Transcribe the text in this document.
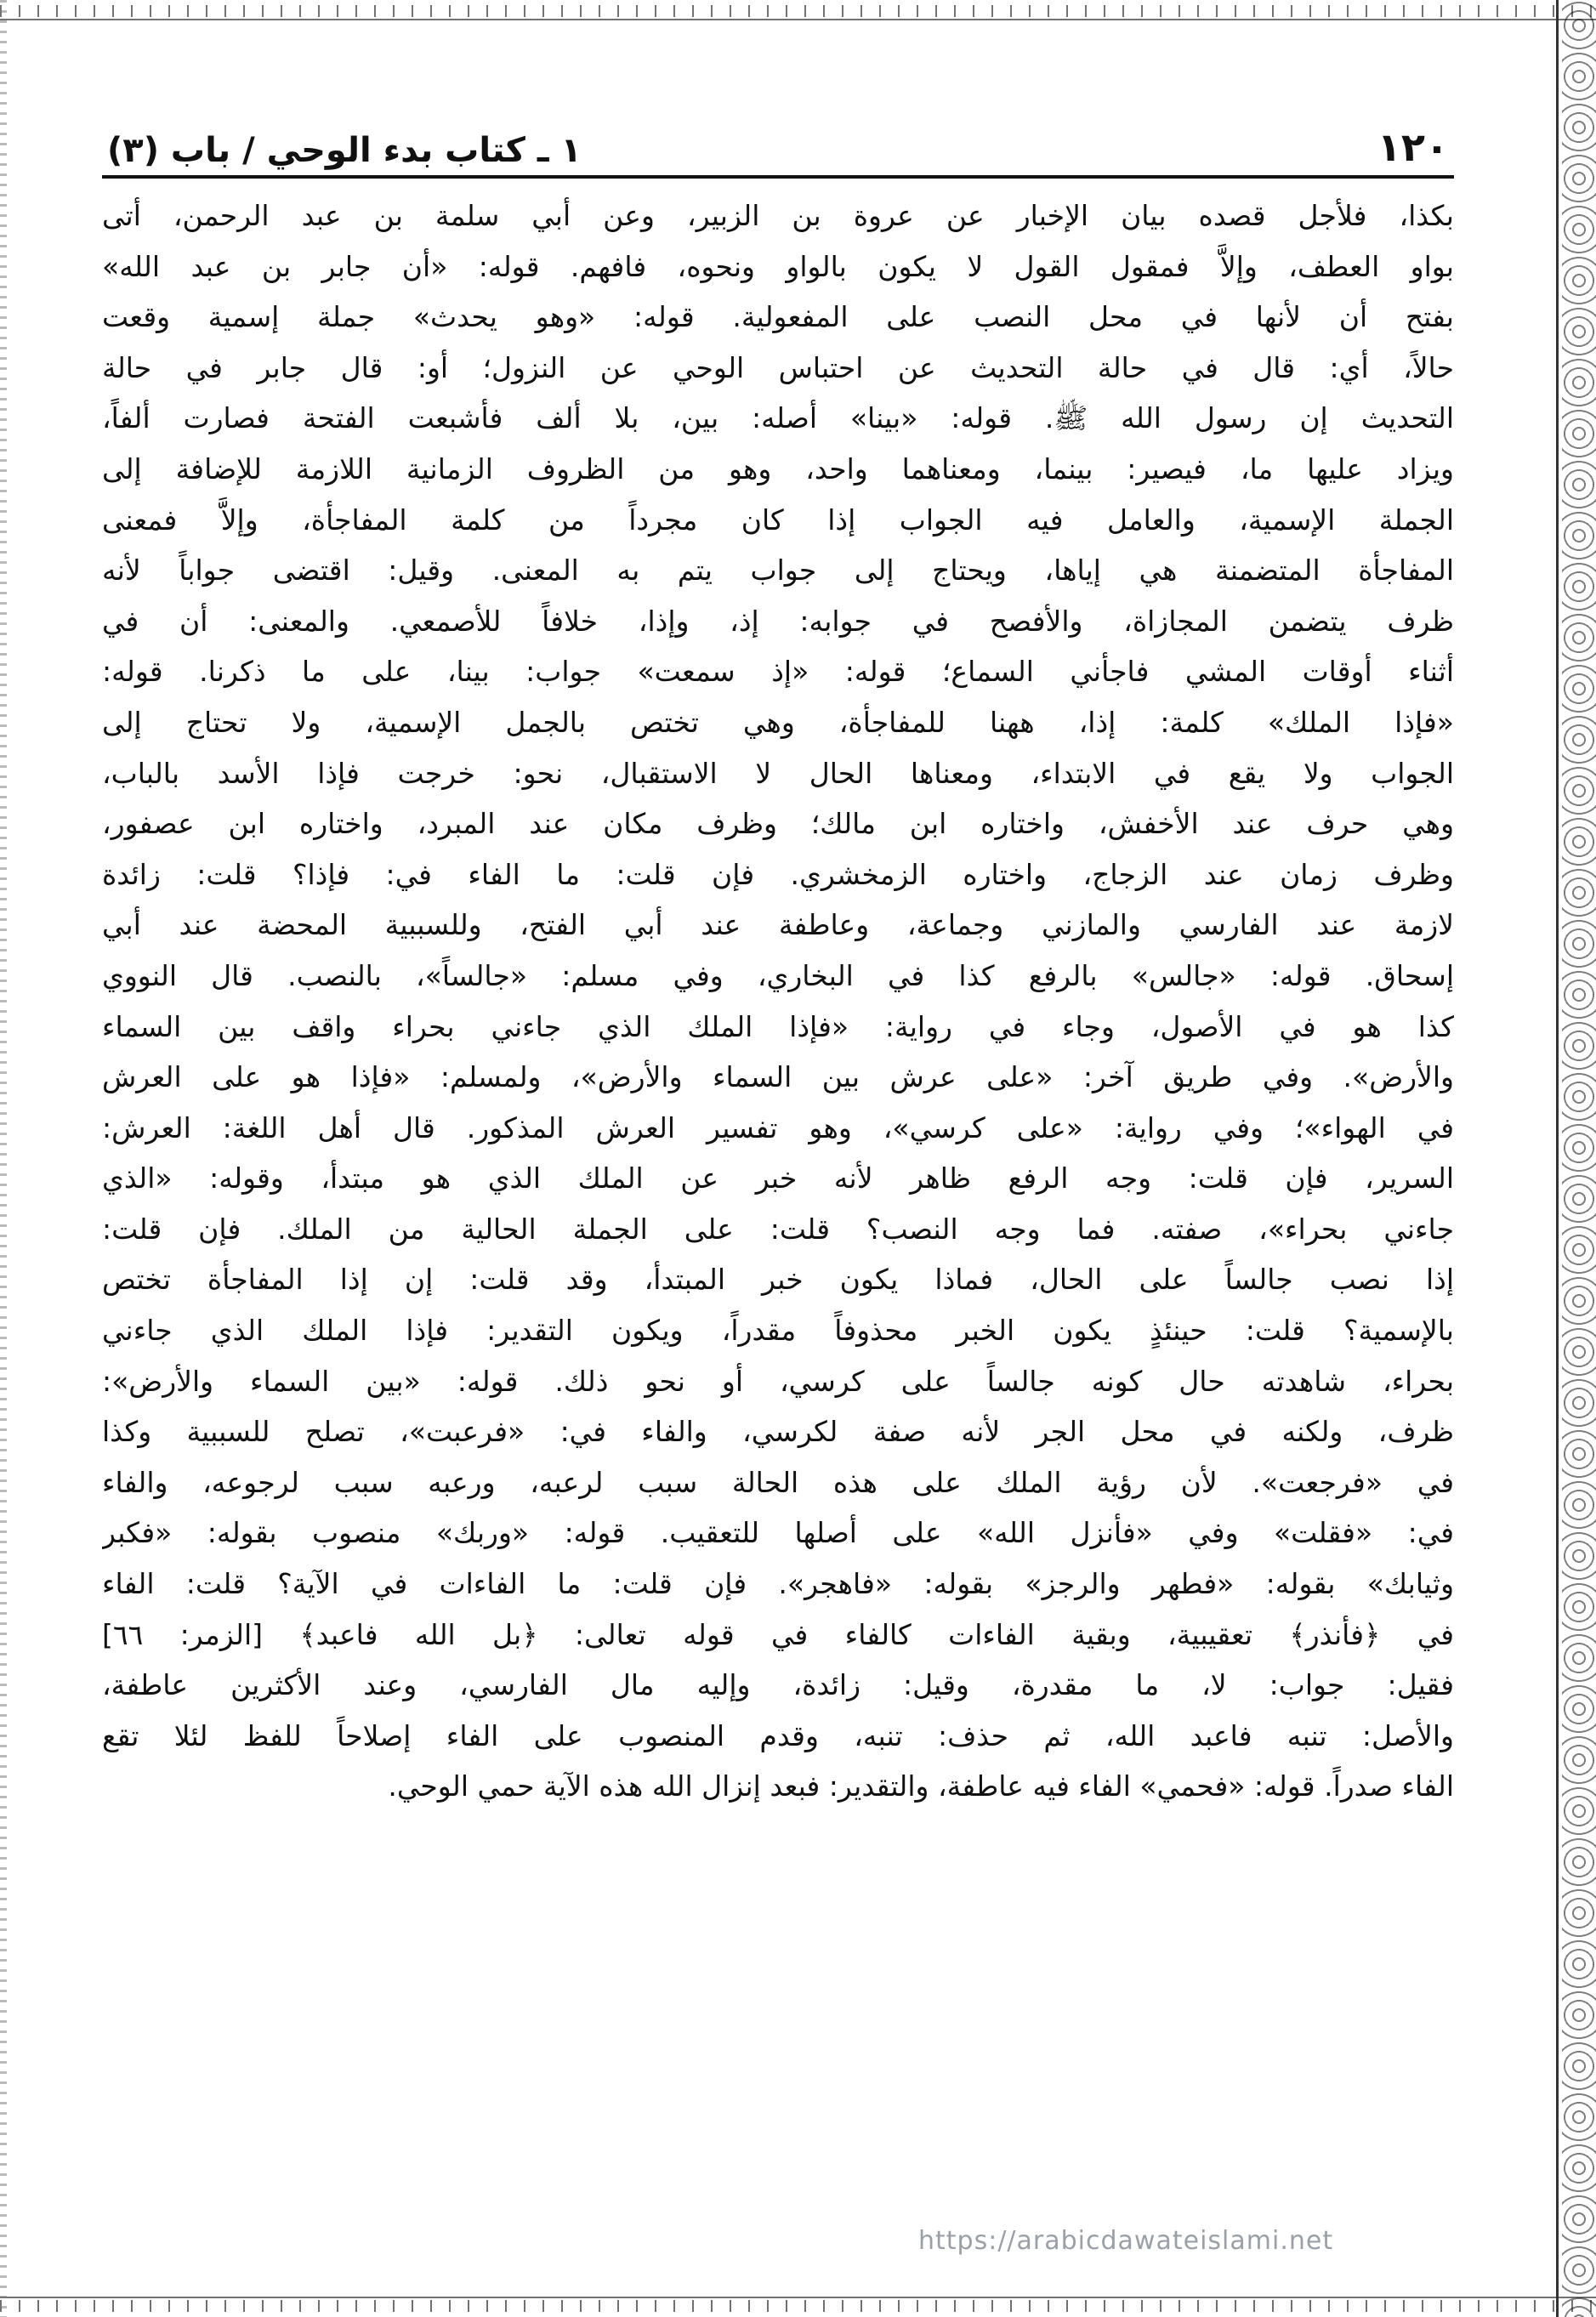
١٢٠
١ ـ كتاب بدء الوحي / باب (٣)
بكذا، فلأجل قصده بيان الإخبار عن عروة بن الزبير، وعن أبي سلمة بن عبد الرحمن، أتى
بواو العطف، وإلاَّ فمقول القول لا يكون بالواو ونحوه، فافهم. قوله: «أن جابر بن عبد الله»
بفتح أن لأنها في محل النصب على المفعولية. قوله: «وهو يحدث» جملة إسمية وقعت
حالاً، أي: قال في حالة التحديث عن احتباس الوحي عن النزول؛ أو: قال جابر في حالة
التحديث إن رسول الله ﷺ. قوله: «بينا» أصله: بين، بلا ألف فأشبعت الفتحة فصارت ألفاً،
ويزاد عليها ما، فيصير: بينما، ومعناهما واحد، وهو من الظروف الزمانية اللازمة للإضافة إلى
الجملة الإسمية، والعامل فيه الجواب إذا كان مجرداً من كلمة المفاجأة، وإلاَّ فمعنى
المفاجأة المتضمنة هي إياها، ويحتاج إلى جواب يتم به المعنى. وقيل: اقتضى جواباً لأنه
ظرف يتضمن المجازاة، والأفصح في جوابه: إذ، وإذا، خلافاً للأصمعي. والمعنى: أن في
أثناء أوقات المشي فاجأني السماع؛ قوله: «إذ سمعت» جواب: بينا، على ما ذكرنا. قوله:
«فإذا الملك» كلمة: إذا، ههنا للمفاجأة، وهي تختص بالجمل الإسمية، ولا تحتاج إلى
الجواب ولا يقع في الابتداء، ومعناها الحال لا الاستقبال، نحو: خرجت فإذا الأسد بالباب،
وهي حرف عند الأخفش، واختاره ابن مالك؛ وظرف مكان عند المبرد، واختاره ابن عصفور،
وظرف زمان عند الزجاج، واختاره الزمخشري. فإن قلت: ما الفاء في: فإذا؟ قلت: زائدة
لازمة عند الفارسي والمازني وجماعة، وعاطفة عند أبي الفتح، وللسببية المحضة عند أبي
إسحاق. قوله: «جالس» بالرفع كذا في البخاري، وفي مسلم: «جالساً»، بالنصب. قال النووي
كذا هو في الأصول، وجاء في رواية: «فإذا الملك الذي جاءني بحراء واقف بين السماء
والأرض». وفي طريق آخر: «على عرش بين السماء والأرض»، ولمسلم: «فإذا هو على العرش
في الهواء»؛ وفي رواية: «على كرسي»، وهو تفسير العرش المذكور. قال أهل اللغة: العرش:
السرير، فإن قلت: وجه الرفع ظاهر لأنه خبر عن الملك الذي هو مبتدأ، وقوله: «الذي
جاءني بحراء»، صفته. فما وجه النصب؟ قلت: على الجملة الحالية من الملك. فإن قلت:
إذا نصب جالساً على الحال، فماذا يكون خبر المبتدأ، وقد قلت: إن إذا المفاجأة تختص
بالإسمية؟ قلت: حينئذٍ يكون الخبر محذوفاً مقدراً، ويكون التقدير: فإذا الملك الذي جاءني
بحراء، شاهدته حال كونه جالساً على كرسي، أو نحو ذلك. قوله: «بين السماء والأرض»:
ظرف، ولكنه في محل الجر لأنه صفة لكرسي، والفاء في: «فرعبت»، تصلح للسببية وكذا
في «فرجعت». لأن رؤية الملك على هذه الحالة سبب لرعبه، ورعبه سبب لرجوعه، والفاء
في: «فقلت» وفي «فأنزل الله» على أصلها للتعقيب. قوله: «وربك» منصوب بقوله: «فكبر
وثيابك» بقوله: «فطهر والرجز» بقوله: «فاهجر». فإن قلت: ما الفاءات في الآية؟ قلت: الفاء
في ﴿فأنذر﴾ تعقيبية، وبقية الفاءات كالفاء في قوله تعالى: ﴿بل الله فاعبد﴾ [الزمر: ٦٦]
فقيل: جواب: لا، ما مقدرة، وقيل: زائدة، وإليه مال الفارسي، وعند الأكثرين عاطفة،
والأصل: تنبه فاعبد الله، ثم حذف: تنبه، وقدم المنصوب على الفاء إصلاحاً للفظ لئلا تقع
الفاء صدراً. قوله: «فحمي» الفاء فيه عاطفة، والتقدير: فبعد إنزال الله هذه الآية حمي الوحي.
https://arabicdawateislami.net
